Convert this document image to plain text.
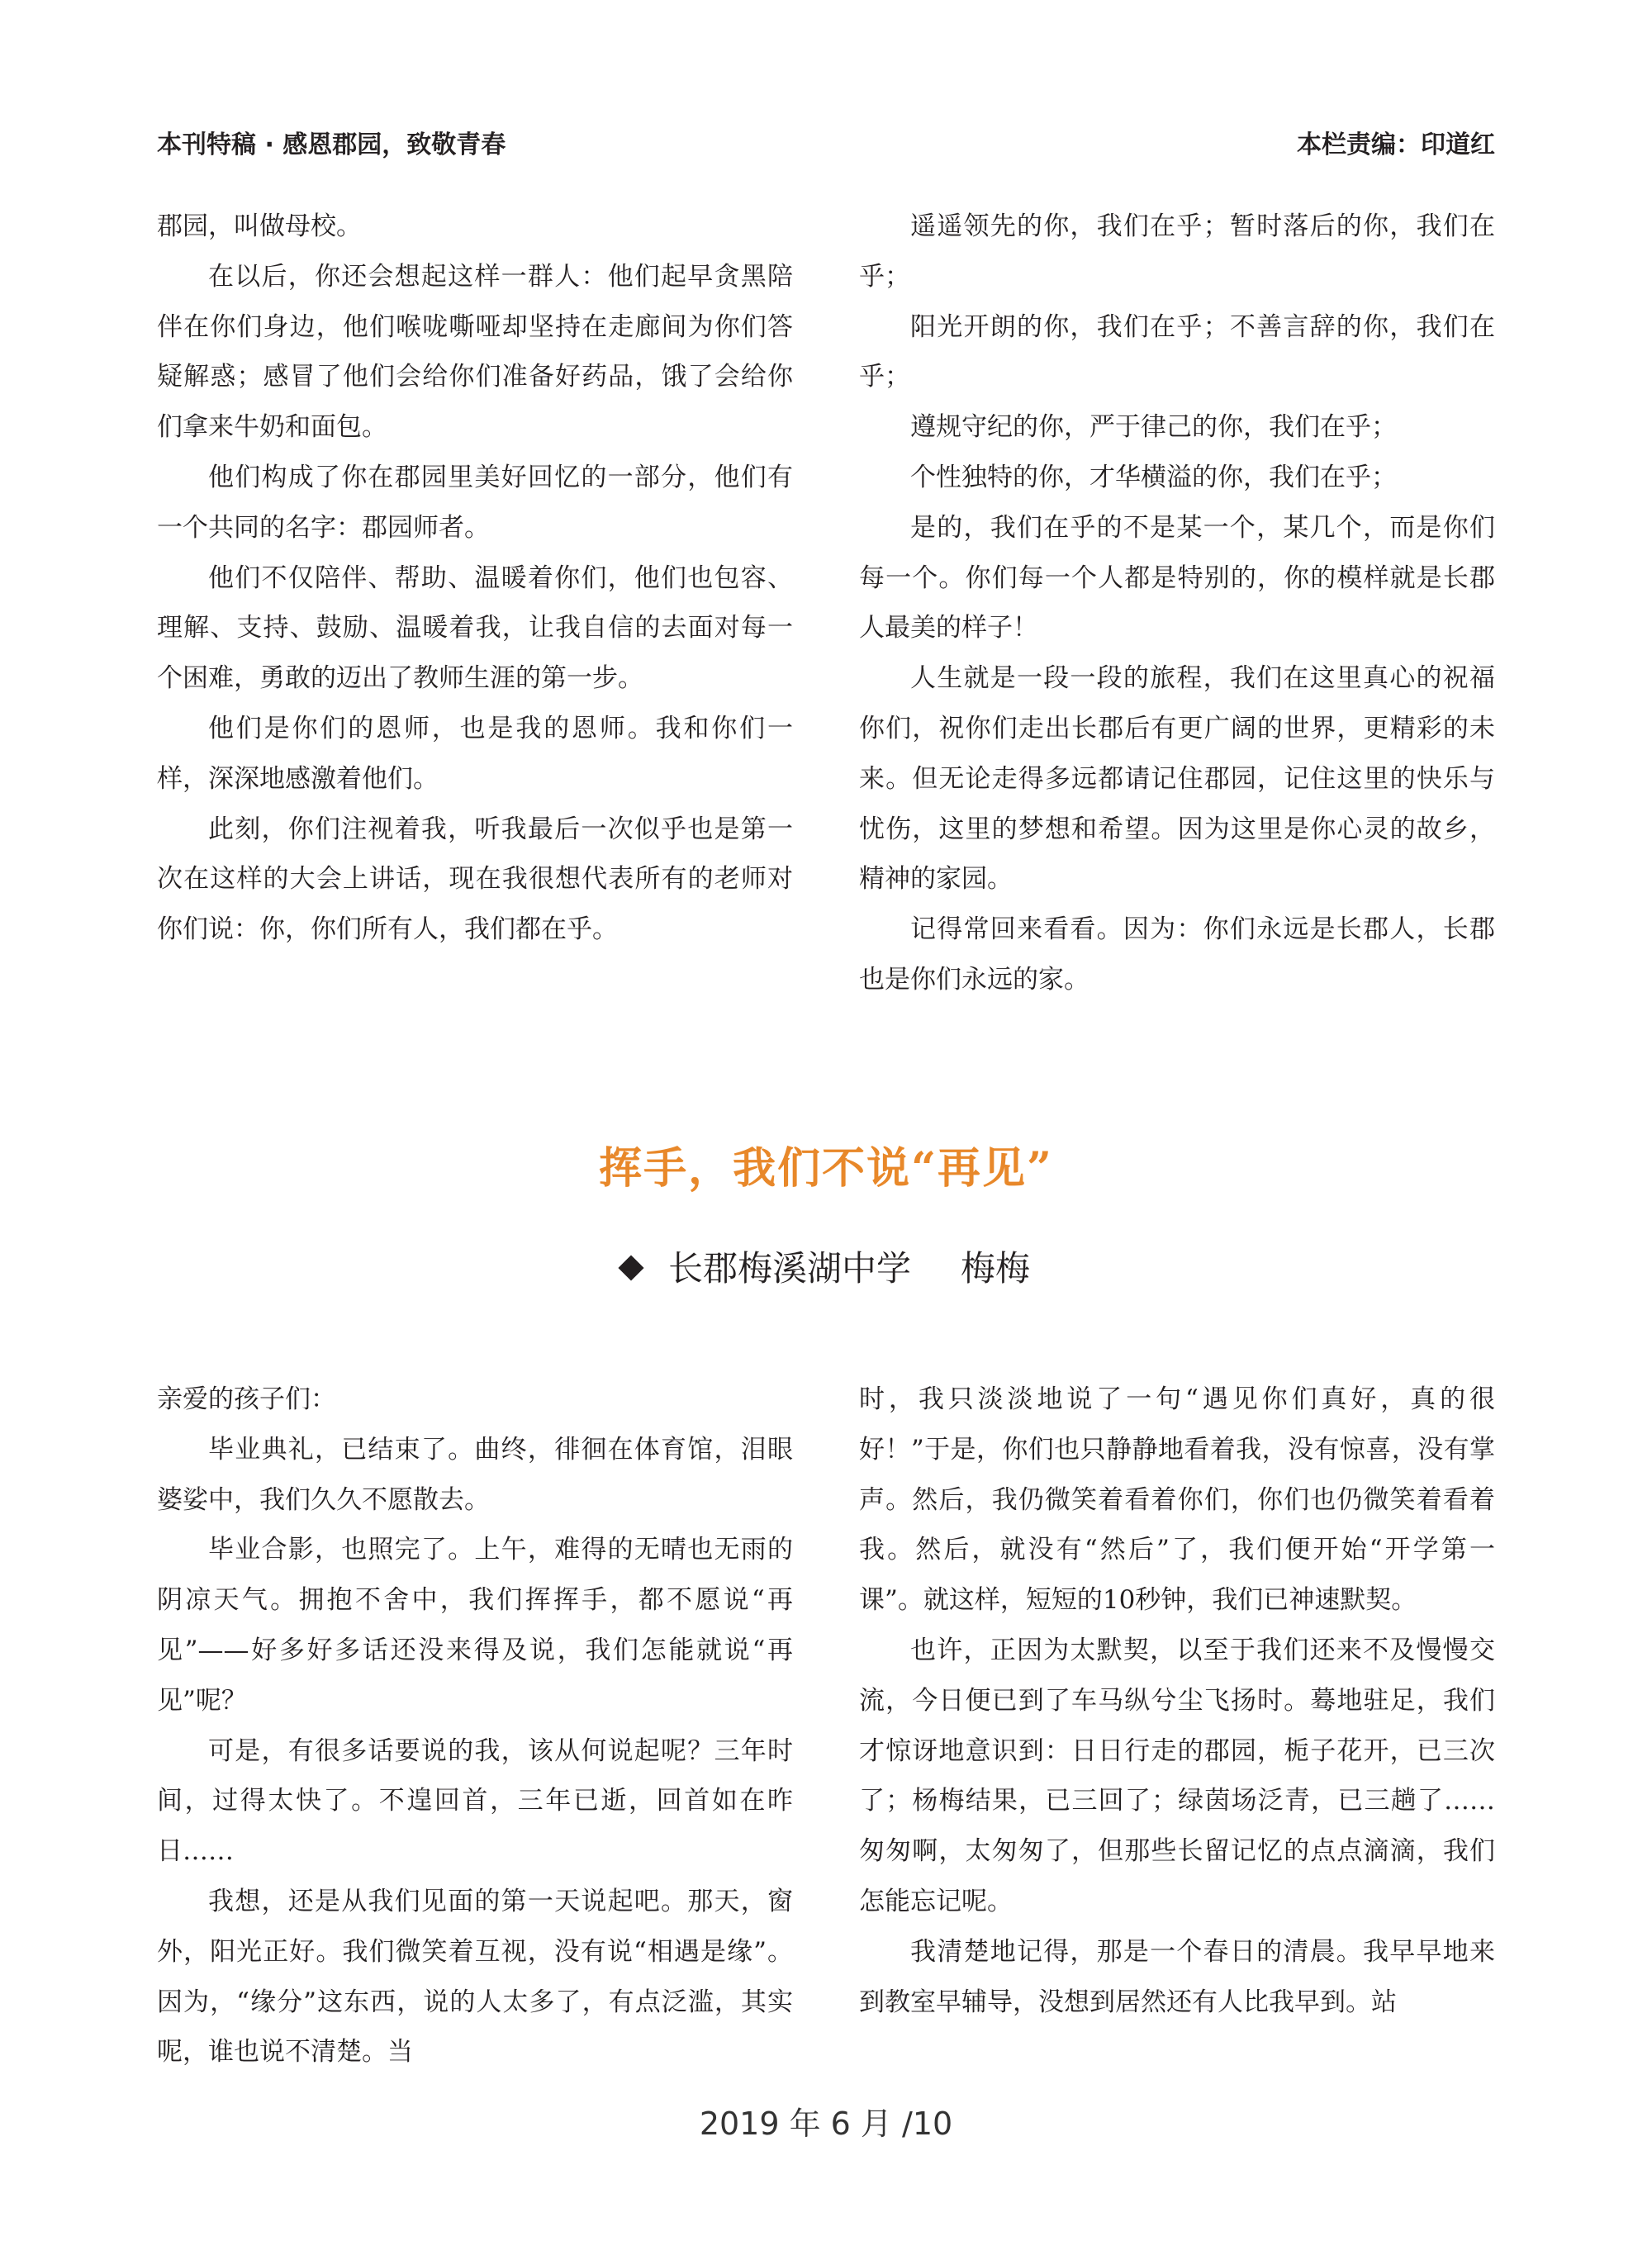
本刊特稿 · 感恩郡园，致敬青春	本栏责编：印道红

郡园，叫做母校。

在以后，你还会想起这样一群人：他们起早贪黑陪伴在你们身边，他们喉咙嘶哑却坚持在走廊间为你们答疑解惑；感冒了他们会给你们准备好药品，饿了会给你们拿来牛奶和面包。

他们构成了你在郡园里美好回忆的一部分，他们有一个共同的名字：郡园师者。

他们不仅陪伴、帮助、温暖着你们，他们也包容、理解、支持、鼓励、温暖着我，让我自信的去面对每一个困难，勇敢的迈出了教师生涯的第一步。

他们是你们的恩师，也是我的恩师。我和你们一样，深深地感激着他们。

此刻，你们注视着我，听我最后一次似乎也是第一次在这样的大会上讲话，现在我很想代表所有的老师对你们说：你，你们所有人，我们都在乎。

遥遥领先的你，我们在乎；暂时落后的你，我们在乎；

阳光开朗的你，我们在乎；不善言辞的你，我们在乎；

遵规守纪的你，严于律己的你，我们在乎；

个性独特的你，才华横溢的你，我们在乎；

是的，我们在乎的不是某一个，某几个，而是你们每一个。你们每一个人都是特别的，你的模样就是长郡人最美的样子！

人生就是一段一段的旅程，我们在这里真心的祝福你们，祝你们走出长郡后有更广阔的世界，更精彩的未来。但无论走得多远都请记住郡园，记住这里的快乐与忧伤，这里的梦想和希望。因为这里是你心灵的故乡，精神的家园。

记得常回来看看。因为：你们永远是长郡人，长郡也是你们永远的家。

挥手，我们不说“再见”
长郡梅溪湖中学 梅梅

亲爱的孩子们：

毕业典礼，已结束了。曲终，徘徊在体育馆，泪眼婆娑中，我们久久不愿散去。

毕业合影，也照完了。上午，难得的无晴也无雨的阴凉天气。拥抱不舍中，我们挥挥手，都不愿说“再见”——好多好多话还没来得及说，我们怎能就说“再见”呢？

可是，有很多话要说的我，该从何说起呢？三年时间，过得太快了。不遑回首，三年已逝，回首如在昨日……

我想，还是从我们见面的第一天说起吧。那天，窗外，阳光正好。我们微笑着互视，没有说“相遇是缘”。因为，“缘分”这东西，说的人太多了，有点泛滥，其实呢，谁也说不清楚。当

时，我只淡淡地说了一句“遇见你们真好，真的很好！”于是，你们也只静静地看着我，没有惊喜，没有掌声。然后，我仍微笑着看着你们，你们也仍微笑着看着我。然后，就没有“然后”了，我们便开始“开学第一课”。就这样，短短的10秒钟，我们已神速默契。

也许，正因为太默契，以至于我们还来不及慢慢交流，今日便已到了车马纵兮尘飞扬时。蓦地驻足，我们才惊讶地意识到：日日行走的郡园，栀子花开，已三次了；杨梅结果，已三回了；绿茵场泛青，已三趟了……匆匆啊，太匆匆了，但那些长留记忆的点点滴滴，我们怎能忘记呢。

我清楚地记得，那是一个春日的清晨。我早早地来到教室早辅导，没想到居然还有人比我早到。站

2019 年 6 月 /10
